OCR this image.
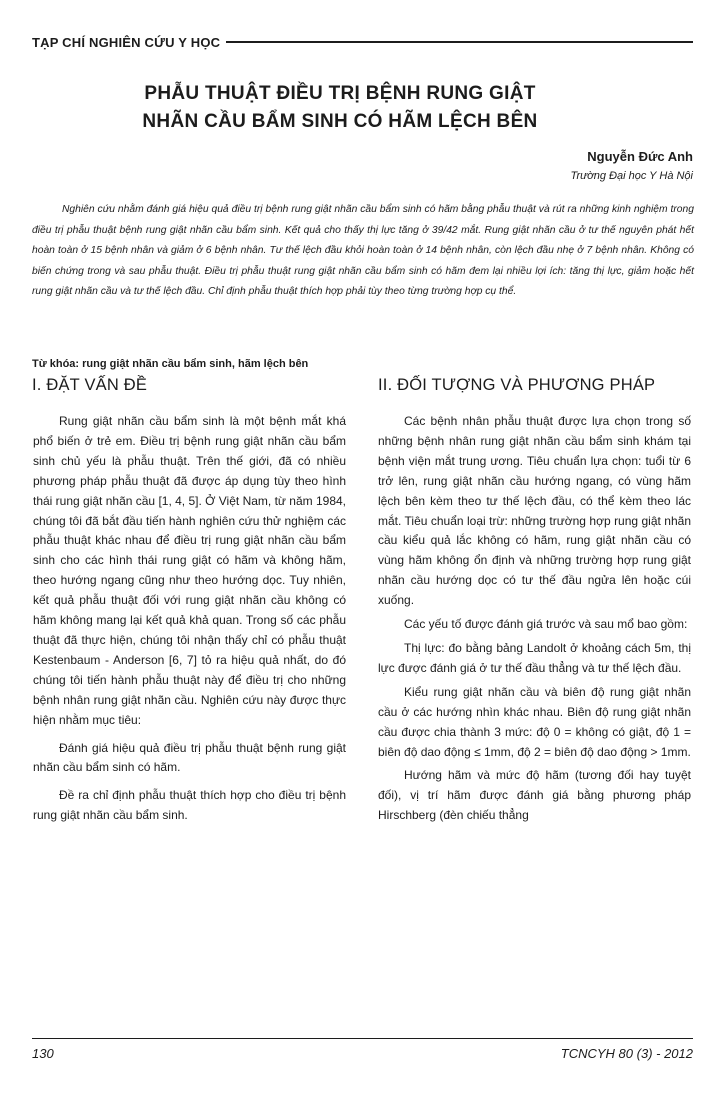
TẠP CHÍ NGHIÊN CỨU Y HỌC
PHẪU THUẬT ĐIỀU TRỊ BỆNH RUNG GIẬT
NHÃN CẦU BẨM SINH CÓ HÃM LỆCH BÊN
Nguyễn Đức Anh
Trường Đại học Y Hà Nội

Nghiên cứu nhằm đánh giá hiệu quả điều trị bệnh rung giật nhãn cầu bẩm sinh có hãm bằng phẫu thuật và rút ra những kinh nghiệm trong điều trị phẫu thuật bệnh rung giật nhãn cầu bẩm sinh. Kết quả cho thấy thị lực tăng ở 39/42 mắt. Rung giật nhãn cầu ở tư thế nguyên phát hết hoàn toàn ở 15 bệnh nhân và giảm ở 6 bệnh nhân. Tư thế lệch đầu khỏi hoàn toàn ở 14 bệnh nhân, còn lệch đầu nhẹ ở 7 bệnh nhân. Không có biến chứng trong và sau phẫu thuật. Điều trị phẫu thuật rung giật nhãn cầu bẩm sinh có hãm đem lại nhiều lợi ích: tăng thị lực, giảm hoặc hết rung giật nhãn cầu và tư thế lệch đầu. Chỉ định phẫu thuật thích hợp phải tùy theo từng trường hợp cụ thể.

Từ khóa: rung giật nhãn cầu bẩm sinh, hãm lệch bên

I. ĐẶT VẤN ĐỀ	II. ĐỐI TƯỢNG VÀ PHƯƠNG PHÁP

Rung giật nhãn cầu bẩm sinh là một bệnh mắt khá phổ biến ở trẻ em. Điều trị bệnh rung giật nhãn cầu bẩm sinh chủ yếu là phẫu thuật. Trên thế giới, đã có nhiều phương pháp phẫu thuật đã được áp dụng tùy theo hình thái rung giật nhãn cầu [1, 4, 5]. Ở Việt Nam, từ năm 1984, chúng tôi đã bắt đầu tiến hành nghiên cứu thử nghiệm các phẫu thuật khác nhau để điều trị rung giật nhãn cầu bẩm sinh cho các hình thái rung giật có hãm và không hãm, theo hướng ngang cũng như theo hướng dọc. Tuy nhiên, kết quả phẫu thuật đối với rung giật nhãn cầu không có hãm không mang lại kết quả khả quan. Trong số các phẫu thuật đã thực hiện, chúng tôi nhận thấy chỉ có phẫu thuật Kestenbaum - Anderson [6, 7] tỏ ra hiệu quả nhất, do đó chúng tôi tiến hành phẫu thuật này để điều trị cho những bệnh nhân rung giật nhãn cầu. Nghiên cứu này được thực hiện nhằm mục tiêu:

Đánh giá hiệu quả điều trị phẫu thuật bệnh rung giật nhãn cầu bẩm sinh có hãm.

Đề ra chỉ định phẫu thuật thích hợp cho điều trị bệnh rung giật nhãn cầu bẩm sinh.

Các bệnh nhân phẫu thuật được lựa chọn trong số những bệnh nhân rung giật nhãn cầu bẩm sinh khám tại bệnh viện mắt trung ương. Tiêu chuẩn lựa chọn: tuổi từ 6 trở lên, rung giật nhãn cầu hướng ngang, có vùng hãm lệch bên kèm theo tư thế lệch đầu, có thể kèm theo lác mắt. Tiêu chuẩn loại trừ: những trường hợp rung giật nhãn cầu kiểu quả lắc không có hãm, rung giật nhãn cầu có vùng hãm không ổn định và những trường hợp rung giật nhãn cầu hướng dọc có tư thế đầu ngửa lên hoặc cúi xuống.

Các yếu tố được đánh giá trước và sau mổ bao gồm:

Thị lực: đo bằng bảng Landolt ở khoảng cách 5m, thị lực được đánh giá ở tư thế đầu thẳng và tư thế lệch đầu.

Kiểu rung giật nhãn cầu và biên độ rung giật nhãn cầu ở các hướng nhìn khác nhau. Biên độ rung giật nhãn cầu được chia thành 3 mức: độ 0 = không có giật, độ 1 = biên độ dao động ≤ 1mm, độ 2 = biên độ dao động > 1mm.

Hướng hãm và mức độ hãm (tương đối hay tuyệt đối), vị trí hãm được đánh giá bằng phương pháp Hirschberg (đèn chiếu thẳng

130	TCNCYH 80 (3) - 2012
